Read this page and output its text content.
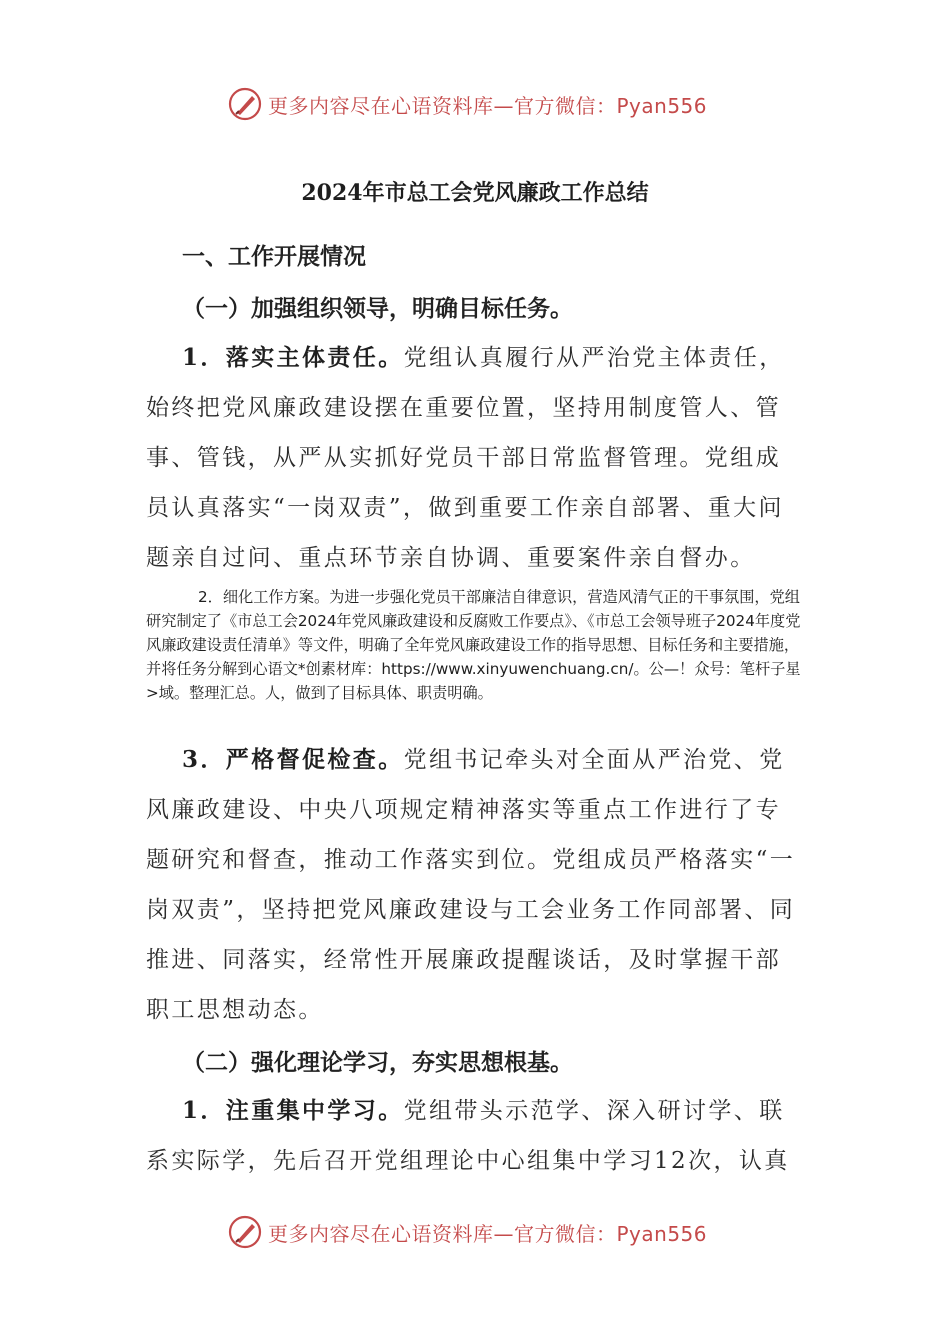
更多内容尽在心语资料库—官方微信：Pyan556
2024年市总工会党风廉政工作总结
一、工作开展情况
（一）加强组织领导，明确目标任务。

1．落实主体责任。党组认真履行从严治党主体责任，始终把党风廉政建设摆在重要位置，坚持用制度管人、管事、管钱，从严从实抓好党员干部日常监督管理。党组成员认真落实“一岗双责”，做到重要工作亲自部署、重大问题亲自过问、重点环节亲自协调、重要案件亲自督办。

2．细化工作方案。为进一步强化党员干部廉洁自律意识，营造风清气正的干事氛围，党组研究制定了《市总工会2024年党风廉政建设和反腐败工作要点》、《市总工会领导班子2024年度党风廉政建设责任清单》等文件，明确了全年党风廉政建设工作的指导思想、目标任务和主要措施，并将任务分解到心语文*创素材库：https://www.xinyuwenchuang.cn/。公—！众号：笔杆子星>域。整理汇总。人，做到了目标具体、职责明确。

3．严格督促检查。党组书记牵头对全面从严治党、党风廉政建设、中央八项规定精神落实等重点工作进行了专题研究和督查，推动工作落实到位。党组成员严格落实“一岗双责”，坚持把党风廉政建设与工会业务工作同部署、同推进、同落实，经常性开展廉政提醒谈话，及时掌握干部职工思想动态。

（二）强化理论学习，夯实思想根基。

1．注重集中学习。党组带头示范学、深入研讨学、联系实际学，先后召开党组理论中心组集中学习12次，认真

更多内容尽在心语资料库—官方微信：Pyan556
